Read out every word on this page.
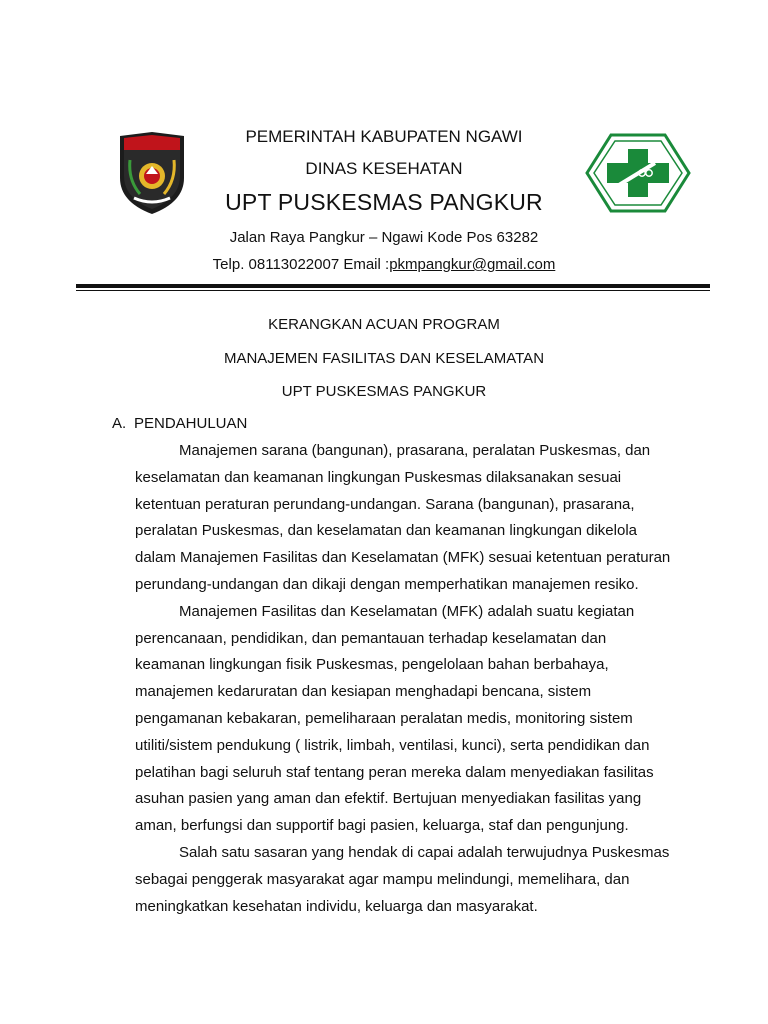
PEMERINTAH KABUPATEN NGAWI
DINAS KESEHATAN
UPT PUSKESMAS PANGKUR
Jalan Raya Pangkur – Ngawi Kode Pos 63282
Telp. 08113022007 Email :pkmpangkur@gmail.com
KERANGKAN ACUAN PROGRAM
MANAJEMEN FASILITAS DAN KESELAMATAN
UPT PUSKESMAS PANGKUR
A. PENDAHULUAN

Manajemen sarana (bangunan), prasarana, peralatan Puskesmas, dan keselamatan dan keamanan lingkungan Puskesmas dilaksanakan sesuai ketentuan peraturan perundang-undangan. Sarana (bangunan), prasarana, peralatan Puskesmas, dan keselamatan dan keamanan lingkungan dikelola dalam Manajemen Fasilitas dan Keselamatan (MFK) sesuai ketentuan peraturan perundang-undangan dan dikaji dengan memperhatikan manajemen resiko.

Manajemen Fasilitas dan Keselamatan (MFK) adalah suatu kegiatan perencanaan, pendidikan, dan pemantauan terhadap keselamatan dan keamanan lingkungan fisik Puskesmas, pengelolaan bahan berbahaya, manajemen kedaruratan dan kesiapan menghadapi bencana, sistem pengamanan kebakaran, pemeliharaan peralatan medis, monitoring sistem utiliti/sistem pendukung ( listrik, limbah, ventilasi, kunci), serta pendidikan dan pelatihan bagi seluruh staf tentang peran mereka dalam menyediakan fasilitas asuhan pasien yang aman dan efektif. Bertujuan menyediakan fasilitas yang aman, berfungsi dan supportif bagi pasien, keluarga, staf dan pengunjung.

Salah satu sasaran yang hendak di capai adalah terwujudnya Puskesmas sebagai penggerak masyarakat agar mampu melindungi, memelihara, dan meningkatkan kesehatan individu, keluarga dan masyarakat.
